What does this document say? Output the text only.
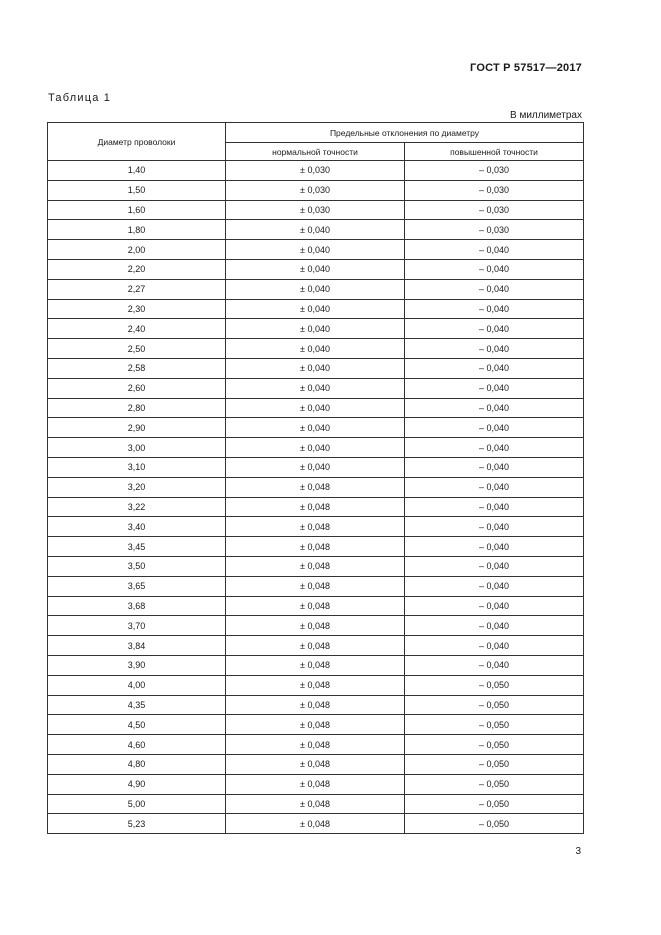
ГОСТ Р 57517—2017
Таблица 1
В миллиметрах
Диаметр проволоки	Предельные отклонения по диаметру	
	нормальной точности	повышенной точности
1,40	± 0,030	– 0,030
1,50	± 0,030	– 0,030
1,60	± 0,030	– 0,030
1,80	± 0,040	– 0,030
2,00	± 0,040	– 0,040
2,20	± 0,040	– 0,040
2,27	± 0,040	– 0,040
2,30	± 0,040	– 0,040
2,40	± 0,040	– 0,040
2,50	± 0,040	– 0,040
2,58	± 0,040	– 0,040
2,60	± 0,040	– 0,040
2,80	± 0,040	– 0,040
2,90	± 0,040	– 0,040
3,00	± 0,040	– 0,040
3,10	± 0,040	– 0,040
3,20	± 0,048	– 0,040
3,22	± 0,048	– 0,040
3,40	± 0,048	– 0,040
3,45	± 0,048	– 0,040
3,50	± 0,048	– 0,040
3,65	± 0,048	– 0,040
3,68	± 0,048	– 0,040
3,70	± 0,048	– 0,040
3,84	± 0,048	– 0,040
3,90	± 0,048	– 0,040
4,00	± 0,048	– 0,050
4,35	± 0,048	– 0,050
4,50	± 0,048	– 0,050
4,60	± 0,048	– 0,050
4,80	± 0,048	– 0,050
4,90	± 0,048	– 0,050
5,00	± 0,048	– 0,050
5,23	± 0,048	– 0,050
3
